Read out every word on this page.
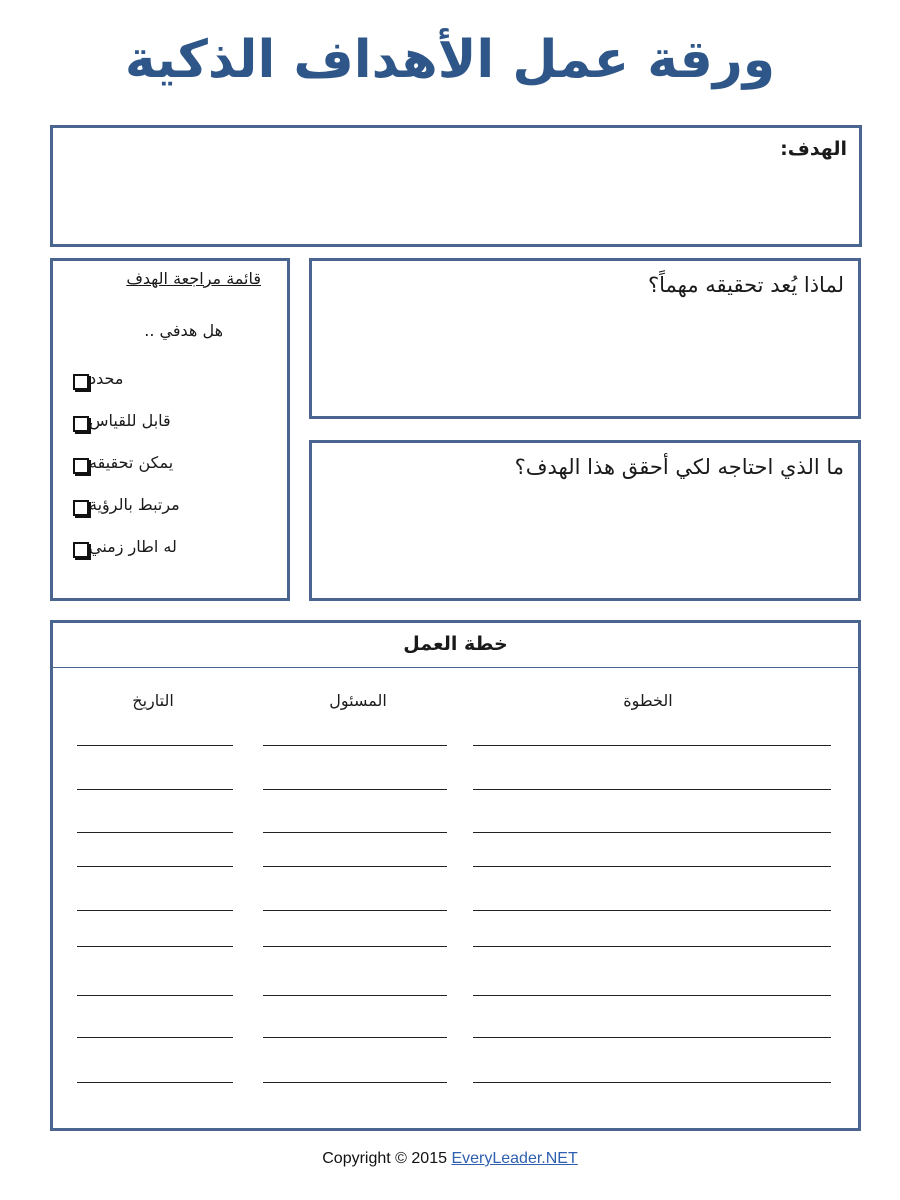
ورقة عمل الأهداف الذكية
الهدف:
لماذا يُعد تحقيقه مهماً؟
ما الذي احتاجه لكي أحقق هذا الهدف؟
قائمة مراجعة الهدف
هل هدفي ..
محدد
قابل للقياس
يمكن تحقيقه
مرتبط بالرؤية
له اطار زمني
خطة العمل
الخطوة
المسئول
التاريخ
Copyright © 2015 EveryLeader.NET
